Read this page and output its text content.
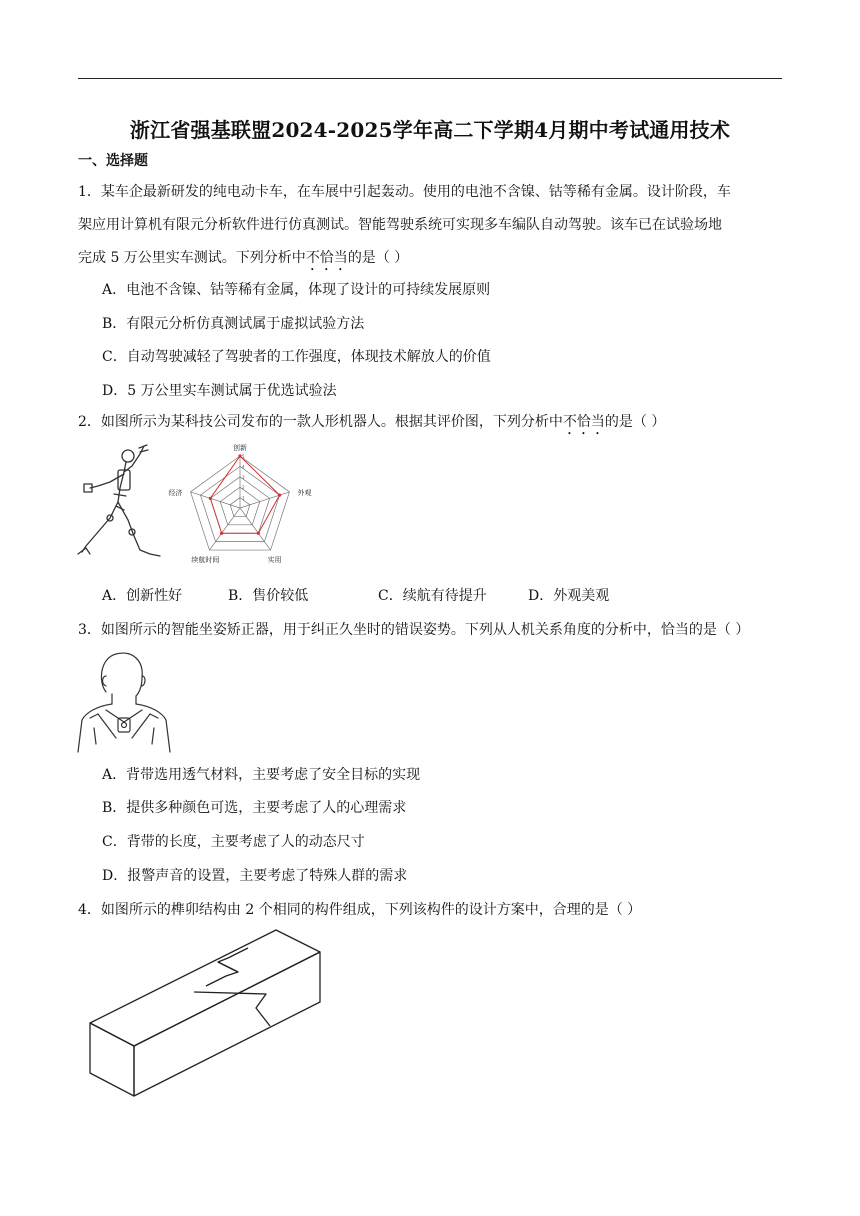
浙江省强基联盟2024-2025学年高二下学期4月期中考试通用技术
一、选择题
1．某车企最新研发的纯电动卡车，在车展中引起轰动。使用的电池不含镍、钴等稀有金属。设计阶段，车
架应用计算机有限元分析软件进行仿真测试。智能驾驶系统可实现多车编队自动驾驶。该车已在试验场地
完成 5 万公里实车测试。下列分析中不恰当的是（ ）
A．电池不含镍、钴等稀有金属，体现了设计的可持续发展原则
B．有限元分析仿真测试属于虚拟试验方法
C．自动驾驶减轻了驾驶者的工作强度，体现技术解放人的价值
D．5 万公里实车测试属于优选试验法
2．如图所示为某科技公司发布的一款人形机器人。根据其评价图，下列分析中不恰当的是（ ）
创新
外观
实用
续航时间
经济
1
2
3
4
5
A．创新性好	B．售价较低	C．续航有待提升	D．外观美观
3．如图所示的智能坐姿矫正器，用于纠正久坐时的错误姿势。下列从人机关系角度的分析中，恰当的是（ ）
A．背带选用透气材料，主要考虑了安全目标的实现
B．提供多种颜色可选，主要考虑了人的心理需求
C．背带的长度，主要考虑了人的动态尺寸
D．报警声音的设置，主要考虑了特殊人群的需求
4．如图所示的榫卯结构由 2 个相同的构件组成，下列该构件的设计方案中，合理的是（ ）
